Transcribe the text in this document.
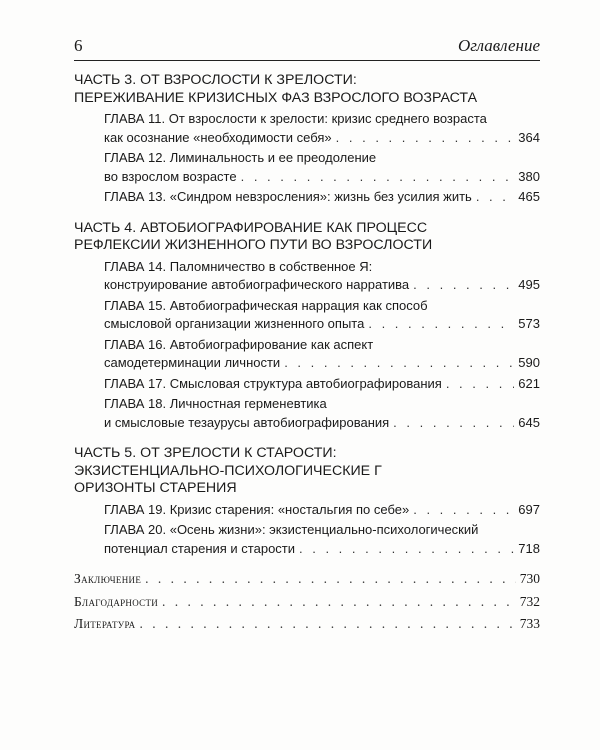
6	Оглавление
ЧАСТЬ 3. ОТ ВЗРОСЛОСТИ К ЗРЕЛОСТИ:
ПЕРЕЖИВАНИЕ КРИЗИСНЫХ ФАЗ ВЗРОСЛОГО ВОЗРАСТА
ГЛАВА 11. От взрослости к зрелости: кризис среднего возраста
как осознание «необходимости себя» . . .	364
ГЛАВА 12. Лиминальность и ее преодоление
во взрослом возрасте . . .	380
ГЛАВА 13. «Синдром невзросления»: жизнь без усилия жить . . .	465
ЧАСТЬ 4. АВТОБИОГРАФИРОВАНИЕ КАК ПРОЦЕСС
РЕФЛЕКСИИ ЖИЗНЕННОГО ПУТИ ВО ВЗРОСЛОСТИ
ГЛАВА 14. Паломничество в собственное Я:
конструирование автобиографического нарратива . . .	495
ГЛАВА 15. Автобиографическая наррация как способ
смысловой организации жизненного опыта . . .	573
ГЛАВА 16. Автобиографирование как аспект
самодетерминации личности . . .	590
ГЛАВА 17. Смысловая структура автобиографирования . . .	621
ГЛАВА 18. Личностная герменевтика
и смысловые тезаурусы автобиографирования . . .	645
ЧАСТЬ 5. ОТ ЗРЕЛОСТИ К СТАРОСТИ:
ЭКЗИСТЕНЦИАЛЬНО-ПСИХОЛОГИЧЕСКИЕ Г
ОРИЗОНТЫ СТАРЕНИЯ
ГЛАВА 19. Кризис старения: «ностальгия по себе» . . .	697
ГЛАВА 20. «Осень жизни»: экзистенциально-психологический
потенциал старения и старости . . .	718
Заключение . . .	730
Благодарности . . .	732
Литература . . .	733
